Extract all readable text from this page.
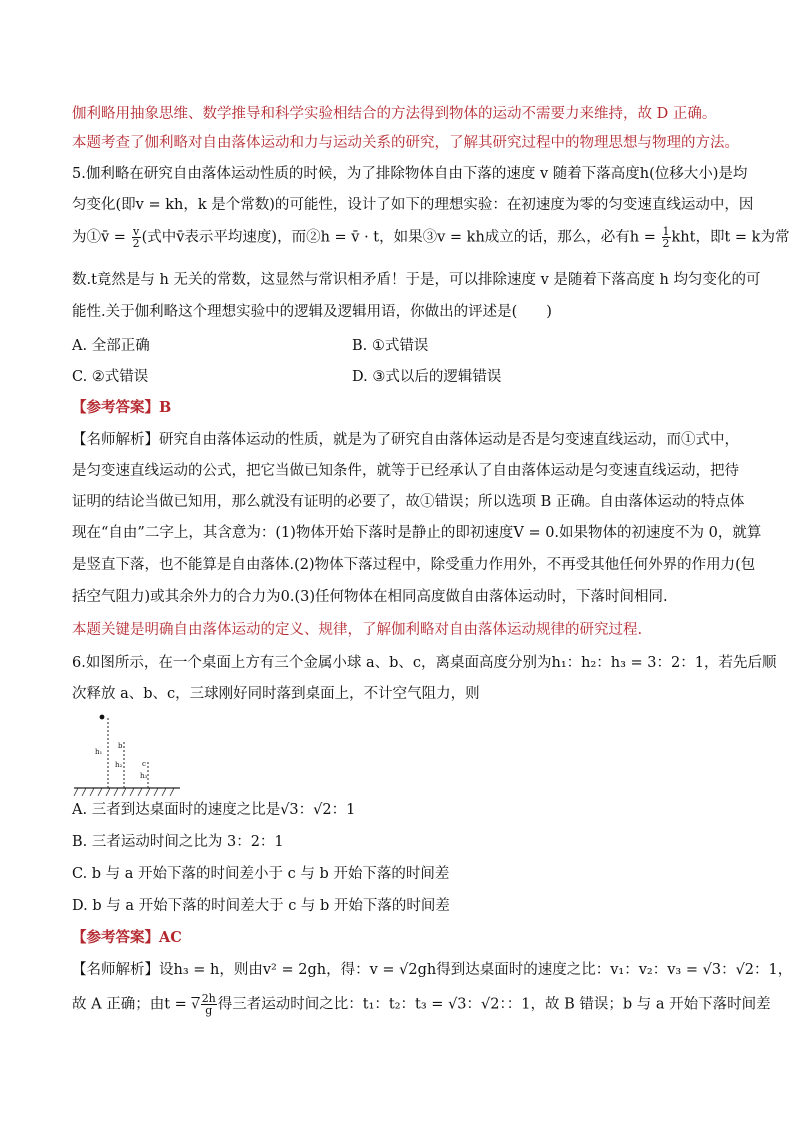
伽利略用抽象思维、数学推导和科学实验相结合的方法得到物体的运动不需要力来维持，故 D 正确。
本题考查了伽利略对自由落体运动和力与运动关系的研究，了解其研究过程中的物理思想与物理的方法。
5.伽利略在研究自由落体运动性质的时候，为了排除物体自由下落的速度 v 随着下落高度h(位移大小)是均
匀变化(即v = kh，k 是个常数)的可能性，设计了如下的理想实验：在初速度为零的匀变速直线运动中，因
为①v̄ = $\frac{v}{2}$ (式中v̄表示平均速度)，而②h = v̄ · t，如果③v = kh成立的话，那么，必有$h = \frac{1}{2}$ kht，即t = k为常
数.t竟然是与 h 无关的常数，这显然与常识相矛盾！于是，可以排除速度 v 是随着下落高度 h 均匀变化的可
能性.关于伽利略这个理想实验中的逻辑及逻辑用语，你做出的评述是(　　)
A. 全部正确	B. ①式错误
C. ②式错误	D. ③式以后的逻辑错误
【参考答案】B
【名师解析】研究自由落体运动的性质，就是为了研究自由落体运动是否是匀变速直线运动，而①式中，
是匀变速直线运动的公式，把它当做已知条件，就等于已经承认了自由落体运动是匀变速直线运动，把待
证明的结论当做已知用，那么就没有证明的必要了，故①错误；所以选项 B 正确。自由落体运动的特点体
现在“自由”二字上，其含意为：(1)物体开始下落时是静止的即初速度V = 0.如果物体的初速度不为 0，就算
是竖直下落，也不能算是自由落体.(2)物体下落过程中，除受重力作用外，不再受其他任何外界的作用力(包
括空气阻力)或其余外力的合力为0.(3)任何物体在相同高度做自由落体运动时，下落时间相同.
本题关键是明确自由落体运动的定义、规律，了解伽利略对自由落体运动规律的研究过程.
6.如图所示，在一个桌面上方有三个金属小球 a、b、c，离桌面高度分别为h₁：h₂：h₃ = 3：2：1，若先后顺
次释放 a、b、c，三球刚好同时落到桌面上，不计空气阻力，则
h₁
b
h₂	c
h₃
A. 三者到达桌面时的速度之比是√3：√2：1
B. 三者运动时间之比为 3：2：1
C. b 与 a 开始下落的时间差小于 c 与 b 开始下落的时间差
D. b 与 a 开始下落的时间差大于 c 与 b 开始下落的时间差
【参考答案】AC
【名师解析】设h₃ = h，则由v² = 2gh，得：v = √2gh得到达桌面时的速度之比：v₁：v₂：v₃ = √3：√2：1，
故 A 正确；由t = √ $\frac{2h}{g}$ 得三者运动时间之比：t₁：t₂：t₃ = √3：√2：：1，故 B 错误；b 与 a 开始下落时间差
